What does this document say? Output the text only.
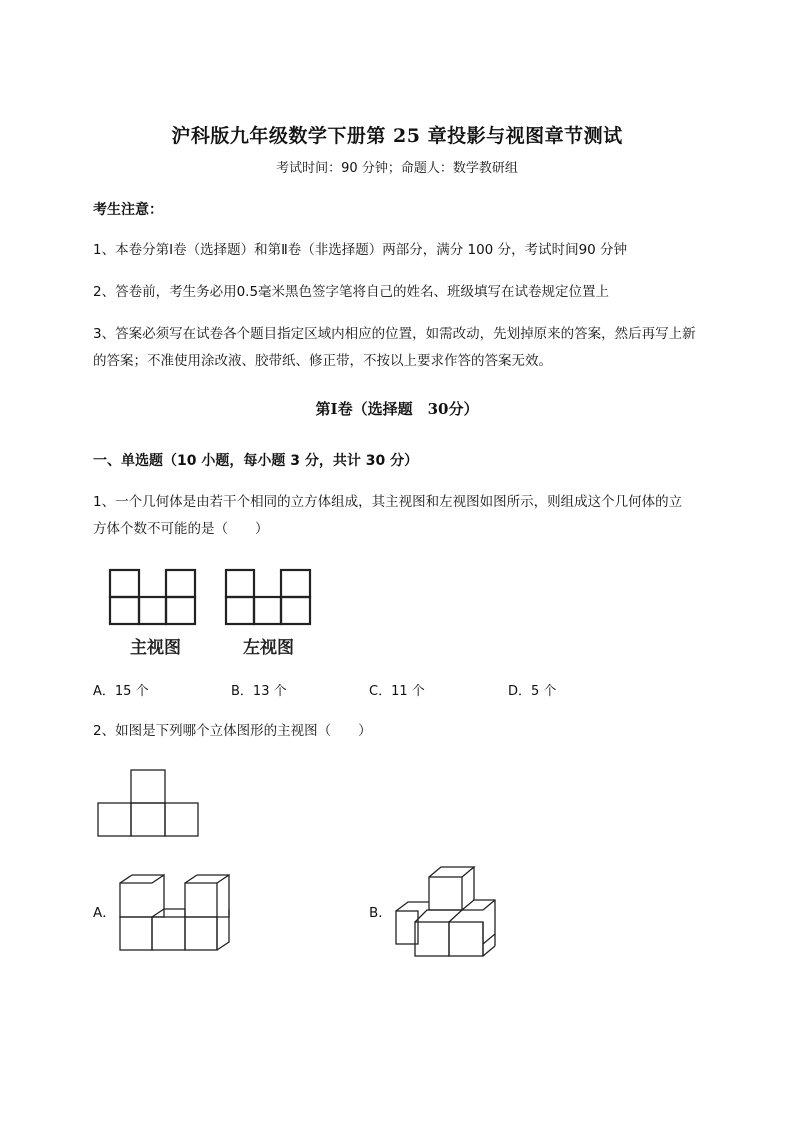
沪科版九年级数学下册第 25 章投影与视图章节测试
考试时间：90 分钟；命题人：数学教研组
考生注意：
1、本卷分第Ⅰ卷（选择题）和第Ⅱ卷（非选择题）两部分，满分 100 分，考试时间90 分钟
2、答卷前，考生务必用0.5毫米黑色签字笔将自己的姓名、班级填写在试卷规定位置上
3、答案必须写在试卷各个题目指定区域内相应的位置，如需改动，先划掉原来的答案，然后再写上新
的答案；不准使用涂改液、胶带纸、修正带，不按以上要求作答的答案无效。
第Ⅰ卷（选择题　30分）
一、单选题（10 小题，每小题 3 分，共计 30 分）
1、一个几何体是由若干个相同的立方体组成，其主视图和左视图如图所示，则组成这个几何体的立
方体个数不可能的是（　　）
主视图	左视图
A．15 个	B．13 个	C．11 个	D．5 个
2、如图是下列哪个立体图形的主视图（　　）
A．	B．
